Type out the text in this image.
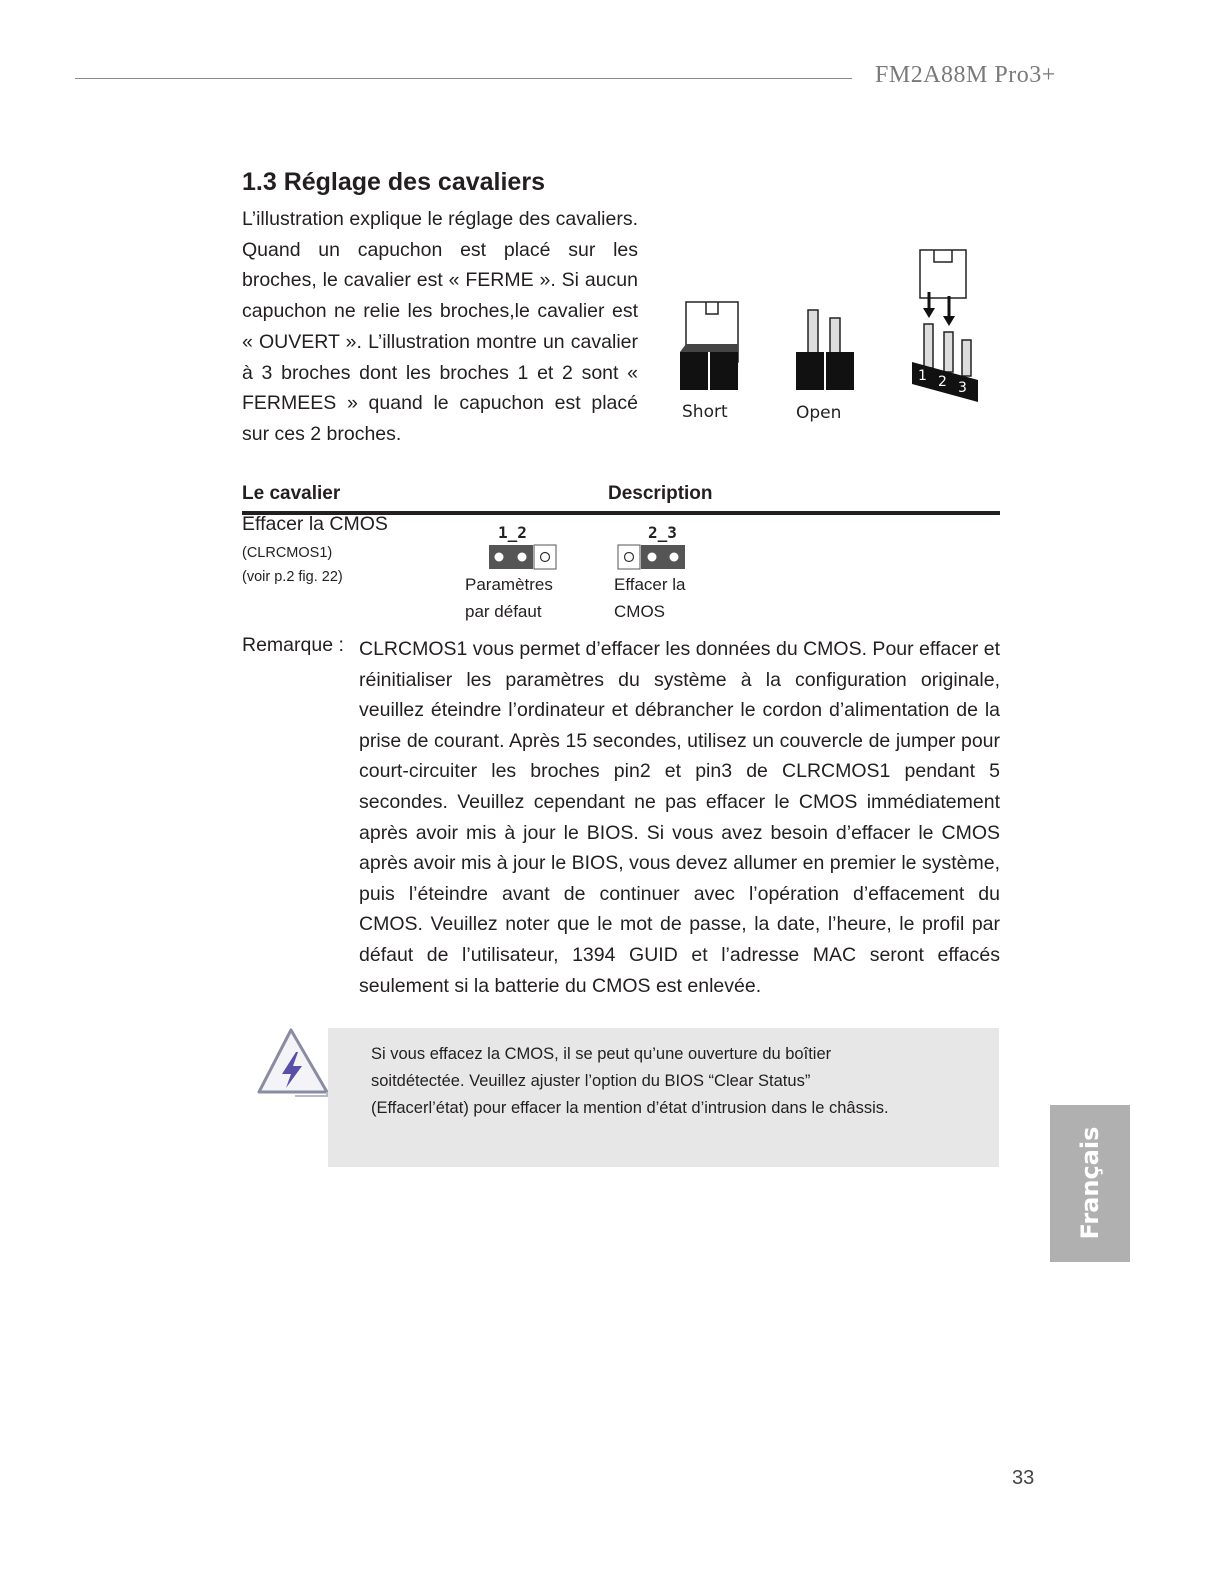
FM2A88M Pro3+
1.3 Réglage des cavaliers

L’illustration explique le réglage des cavaliers. Quand un capuchon est placé sur les broches, le cavalier est « FERME ». Si aucun capuchon ne relie les broches,le cavalier est « OUVERT ». L’illustration montre un cavalier à 3 broches dont les broches 1 et 2 sont « FERMEES » quand le capuchon est placé sur ces 2 broches.

1 2 3
Short	Open
Le cavalier	Description
Effacer la CMOS
(CLRCMOS1)
(voir p.2 fig. 22)
1_2
Paramètres
par défaut
2_3
Effacer la
CMOS
Remarque : CLRCMOS1 vous permet d’effacer les données du CMOS. Pour effacer et réinitialiser les paramètres du système à la configuration originale, veuillez éteindre l’ordinateur et débrancher le cordon d’alimentation de la prise de courant. Après 15 secondes, utilisez un couvercle de jumper pour court-circuiter les broches pin2 et pin3 de CLRCMOS1 pendant 5 secondes. Veuillez cependant ne pas effacer le CMOS immédiatement après avoir mis à jour le BIOS. Si vous avez besoin d’effacer le CMOS après avoir mis à jour le BIOS, vous devez allumer en premier le système, puis l’éteindre avant de continuer avec l’opération d’effacement du CMOS. Veuillez noter que le mot de passe, la date, l’heure, le profil par défaut de l’utilisateur, 1394 GUID et l’adresse MAC seront effacés seulement si la batterie du CMOS est enlevée.

Si vous effacez la CMOS, il se peut qu’une ouverture du boîtier soitdétectée. Veuillez ajuster l’option du BIOS “Clear Status” (Effacerl’état) pour effacer la mention d’état d’intrusion dans le châssis.

Français
33
